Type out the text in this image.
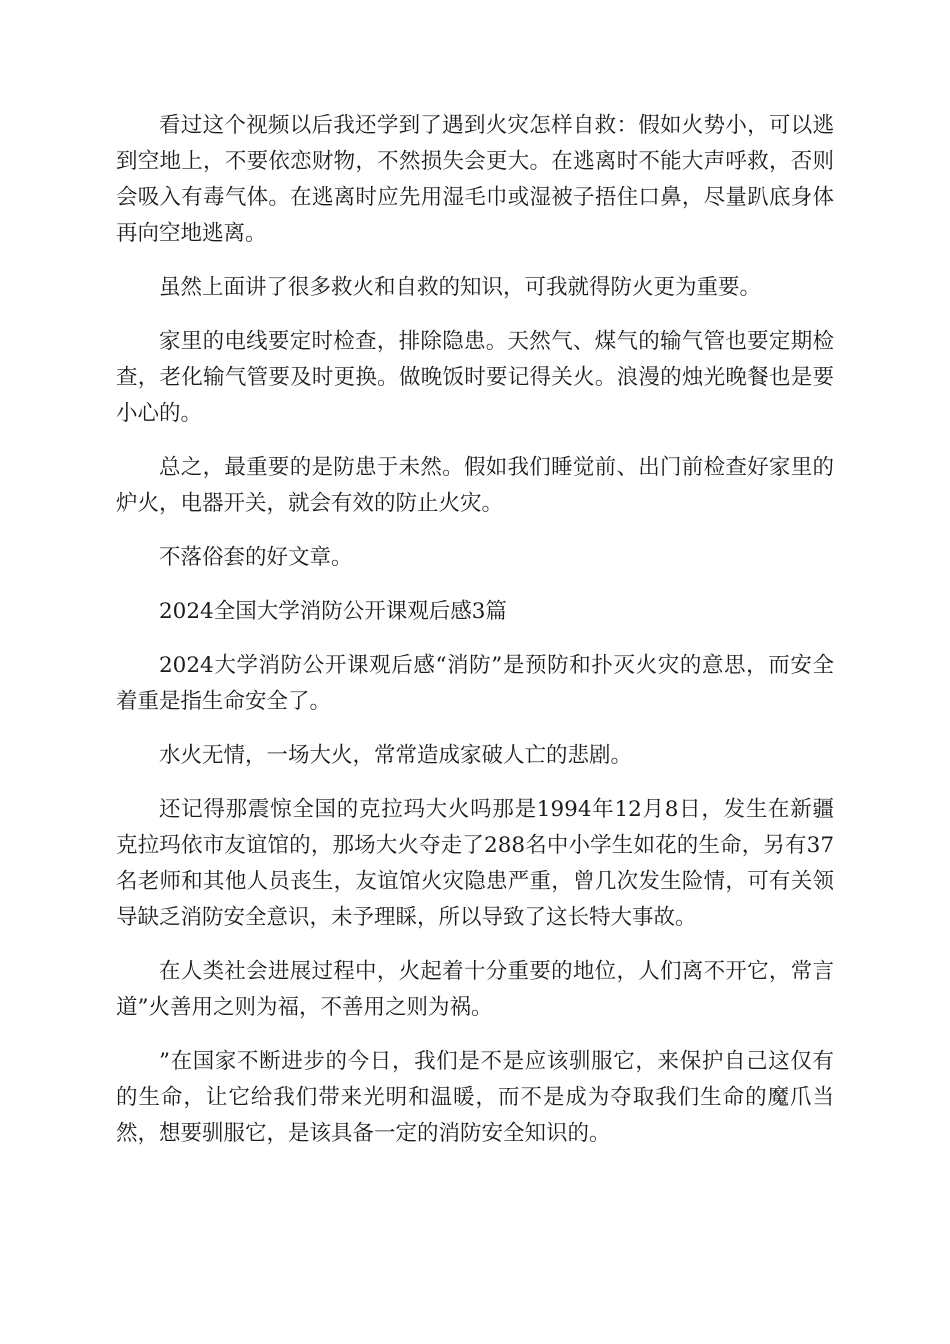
看过这个视频以后我还学到了遇到火灾怎样自救：假如火势小，可以逃到空地上，不要依恋财物，不然损失会更大。在逃离时不能大声呼救，否则会吸入有毒气体。在逃离时应先用湿毛巾或湿被子捂住口鼻，尽量趴底身体再向空地逃离。

虽然上面讲了很多救火和自救的知识，可我就得防火更为重要。

家里的电线要定时检查，排除隐患。天然气、煤气的输气管也要定期检查，老化输气管要及时更换。做晚饭时要记得关火。浪漫的烛光晚餐也是要小心的。

总之，最重要的是防患于未然。假如我们睡觉前、出门前检查好家里的炉火，电器开关，就会有效的防止火灾。

不落俗套的好文章。

2024全国大学消防公开课观后感3篇

2024大学消防公开课观后感“消防”是预防和扑灭火灾的意思，而安全着重是指生命安全了。

水火无情，一场大火，常常造成家破人亡的悲剧。

还记得那震惊全国的克拉玛大火吗那是1994年12月8日，发生在新疆克拉玛依市友谊馆的，那场大火夺走了288名中小学生如花的生命，另有37名老师和其他人员丧生，友谊馆火灾隐患严重，曾几次发生险情，可有关领导缺乏消防安全意识，未予理睬，所以导致了这长特大事故。

在人类社会进展过程中，火起着十分重要的地位，人们离不开它，常言道”火善用之则为福，不善用之则为祸。

”在国家不断进步的今日，我们是不是应该驯服它，来保护自己这仅有的生命，让它给我们带来光明和温暖，而不是成为夺取我们生命的魔爪当然，想要驯服它，是该具备一定的消防安全知识的。
